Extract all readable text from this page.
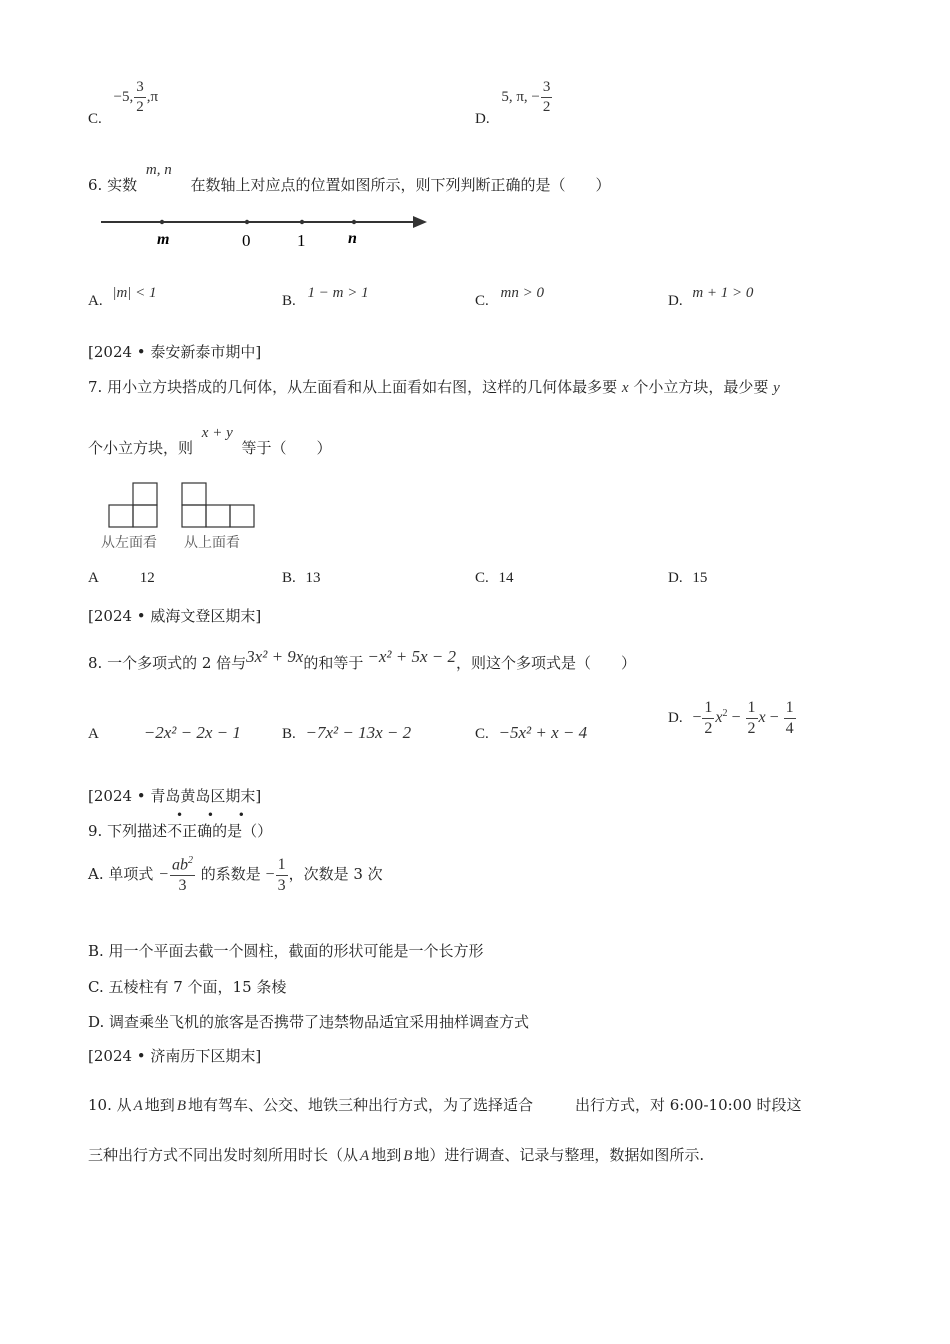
C. −5, $\frac{3}{2} ,\pi$
D. 5, π, − $\frac{3}{2}$
6. 实数 m, n 在数轴上对应点的位置如图所示，则下列判断正确的是（　　）
m	0	1	n
A. |m| < 1	B. 1 − m > 1	C. mn > 0	D. m + 1 > 0
[2024 • 泰安新泰市期中]
7. 用小立方块搭成的几何体，从左面看和从上面看如右图，这样的几何体最多要 x 个小立方块，最少要 y
个小立方块，则 x + y 等于（　　）
从左面看 从上面看
A	12	B. 13	C. 14	D. 15
[2024 • 威海文登区期末]
8. 一个多项式的 2 倍与3x² + 9x的和等于 −x² + 5x − 2，则这个多项式是（　　）
A	−2x² − 2x − 1	B. −7x² − 13x − 2	C. −5x² + x − 4
D. − $\frac{1}{2} x^2 - \frac{1}{2}$ $x - \frac{1}{4}$
[2024 • 青岛黄岛区期末]
9. 下列描述不正确的是（）
• • •
A. 单项式 − $\frac{ab^2}{3}$ 的系数是 − $\frac{1}{3}$ ，次数是 3 次
B. 用一个平面去截一个圆柱，截面的形状可能是一个长方形
C. 五棱柱有 7 个面，15 条棱
D. 调查乘坐飞机的旅客是否携带了违禁物品适宜采用抽样调查方式
[2024 • 济南历下区期末]
10. 从 A 地到 B 地有驾车、公交、地铁三种出行方式，为了选择适合	出行方式，对 6:00-10:00 时段这
三种出行方式不同出发时刻所用时长（从 A 地到 B 地）进行调查、记录与整理，数据如图所示.
